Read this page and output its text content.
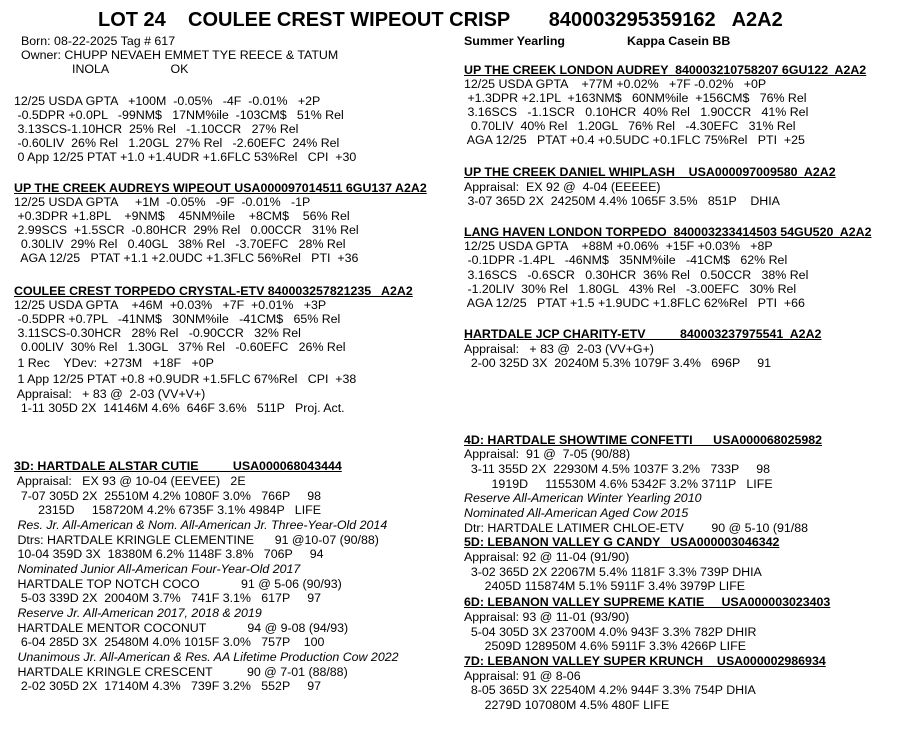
LOT 24    COULEE CREST WIPEOUT CRISP       840003295359162   A2A2
Born: 08-22-2025 Tag # 617
Owner: CHUPP NEVAEH EMMET TYE REECE & TATUM
INOLA                  OK
Summer Yearling	Kappa Casein BB
12/25 USDA GPTA   +100M  -0.05%   -4F  -0.01%   +2P
-0.5DPR +0.0PL   -99NM$   17NM%ile  -103CM$   51% Rel
3.13SCS-1.10HCR  25% Rel   -1.10CCR   27% Rel
-0.60LIV  26% Rel   1.20GL  27% Rel   -2.60EFC  24% Rel
0 App 12/25 PTAT +1.0 +1.4UDR +1.6FLC 53%Rel   CPI  +30
UP THE CREEK AUDREYS WIPEOUT USA000097014511 6GU137 A2A2
12/25 USDA GPTA     +1M  -0.05%   -9F  -0.01%   -1P
+0.3DPR +1.8PL    +9NM$    45NM%ile    +8CM$    56% Rel
2.99SCS  +1.5SCR  -0.80HCR  29% Rel   0.00CCR   31% Rel
0.30LIV  29% Rel   0.40GL   38% Rel   -3.70EFC   28% Rel
AGA 12/25   PTAT +1.1 +2.0UDC +1.3FLC 56%Rel   PTI  +36
COULEE CREST TORPEDO CRYSTAL-ETV 840003257821235   A2A2
12/25 USDA GPTA    +46M  +0.03%   +7F  +0.01%   +3P
-0.5DPR +0.7PL   -41NM$   30NM%ile   -41CM$   65% Rel
3.11SCS-0.30HCR   28% Rel   -0.90CCR   32% Rel
0.00LIV  30% Rel   1.30GL   37% Rel   -0.60EFC   26% Rel
1 Rec    YDev:  +273M   +18F   +0P
1 App 12/25 PTAT +0.8 +0.9UDR +1.5FLC 67%Rel   CPI  +38
Appraisal:   + 83 @  2-03 (VV+V+)
1-11 305D 2X  14146M 4.6%  646F 3.6%   511P   Proj. Act.
3D: HARTDALE ALSTAR CUTIE          USA000068043444
Appraisal:   EX 93 @ 10-04 (EEVEE)   2E
7-07 305D 2X  25510M 4.2% 1080F 3.0%   766P     98
2315D     158720M 4.2% 6735F 3.1% 4984P   LIFE
Res. Jr. All-American & Nom. All-American Jr. Three-Year-Old 2014
Dtrs: HARTDALE KRINGLE CLEMENTINE      91 @10-07 (90/88)
10-04 359D 3X  18380M 6.2% 1148F 3.8%   706P     94
Nominated Junior All-American Four-Year-Old 2017
HARTDALE TOP NOTCH COCO            91 @ 5-06 (90/93)
5-03 339D 2X  20040M 3.7%   741F 3.1%   617P     97
Reserve Jr. All-American 2017, 2018 & 2019
HARTDALE MENTOR COCONUT            94 @ 9-08 (94/93)
6-04 285D 3X  25480M 4.0% 1015F 3.0%   757P    100
Unanimous Jr. All-American & Res. AA Lifetime Production Cow 2022
HARTDALE KRINGLE CRESCENT          90 @ 7-01 (88/88)
2-02 305D 2X  17140M 4.3%   739F 3.2%   552P     97
UP THE CREEK LONDON AUDREY  840003210758207 6GU122  A2A2
12/25 USDA GPTA    +77M +0.02%   +7F -0.02%   +0P
+1.3DPR +2.1PL  +163NM$   60NM%ile  +156CM$   76% Rel
3.16SCS   -1.1SCR   0.10HCR  40% Rel   1.90CCR   41% Rel
0.70LIV  40% Rel   1.20GL   76% Rel   -4.30EFC   31% Rel
AGA 12/25   PTAT +0.4 +0.5UDC +0.1FLC 75%Rel   PTI  +25
UP THE CREEK DANIEL WHIPLASH    USA000097009580  A2A2
Appraisal:  EX 92 @  4-04 (EEEEE)
3-07 365D 2X  24250M 4.4% 1065F 3.5%   851P    DHIA
LANG HAVEN LONDON TORPEDO  840003233414503 54GU520  A2A2
12/25 USDA GPTA    +88M +0.06%  +15F +0.03%   +8P
-0.1DPR -1.4PL   -46NM$   35NM%ile   -41CM$   62% Rel
3.16SCS   -0.6SCR   0.30HCR  36% Rel   0.50CCR   38% Rel
-1.20LIV  30% Rel   1.80GL   43% Rel   -3.00EFC   30% Rel
AGA 12/25   PTAT +1.5 +1.9UDC +1.8FLC 62%Rel   PTI  +66
HARTDALE JCP CHARITY-ETV          840003237975541  A2A2
Appraisal:   + 83 @  2-03 (VV+G+)
2-00 325D 3X  20240M 5.3% 1079F 3.4%   696P     91
4D: HARTDALE SHOWTIME CONFETTI      USA000068025982
Appraisal:  91 @  7-05 (90/88)
3-11 355D 2X  22930M 4.5% 1037F 3.2%   733P     98
1919D     115530M 4.6% 5342F 3.2% 3711P   LIFE
Reserve All-American Winter Yearling 2010
Nominated All-American Aged Cow 2015
Dtr: HARTDALE LATIMER CHLOE-ETV        90 @ 5-10 (91/88
5D: LEBANON VALLEY G CANDY   USA000003046342
Appraisal: 92 @ 11-04 (91/90)
3-02 365D 2X 22067M 5.4% 1181F 3.3% 739P DHIA
2405D 115874M 5.1% 5911F 3.4% 3979P LIFE
6D: LEBANON VALLEY SUPREME KATIE     USA000003023403
Appraisal: 93 @ 11-01 (93/90)
5-04 305D 3X 23700M 4.0% 943F 3.3% 782P DHIR
2509D 128950M 4.6% 5911F 3.3% 4266P LIFE
7D: LEBANON VALLEY SUPER KRUNCH    USA000002986934
Appraisal: 91 @ 8-06
8-05 365D 3X 22540M 4.2% 944F 3.3% 754P DHIA
2279D 107080M 4.5% 480F LIFE
